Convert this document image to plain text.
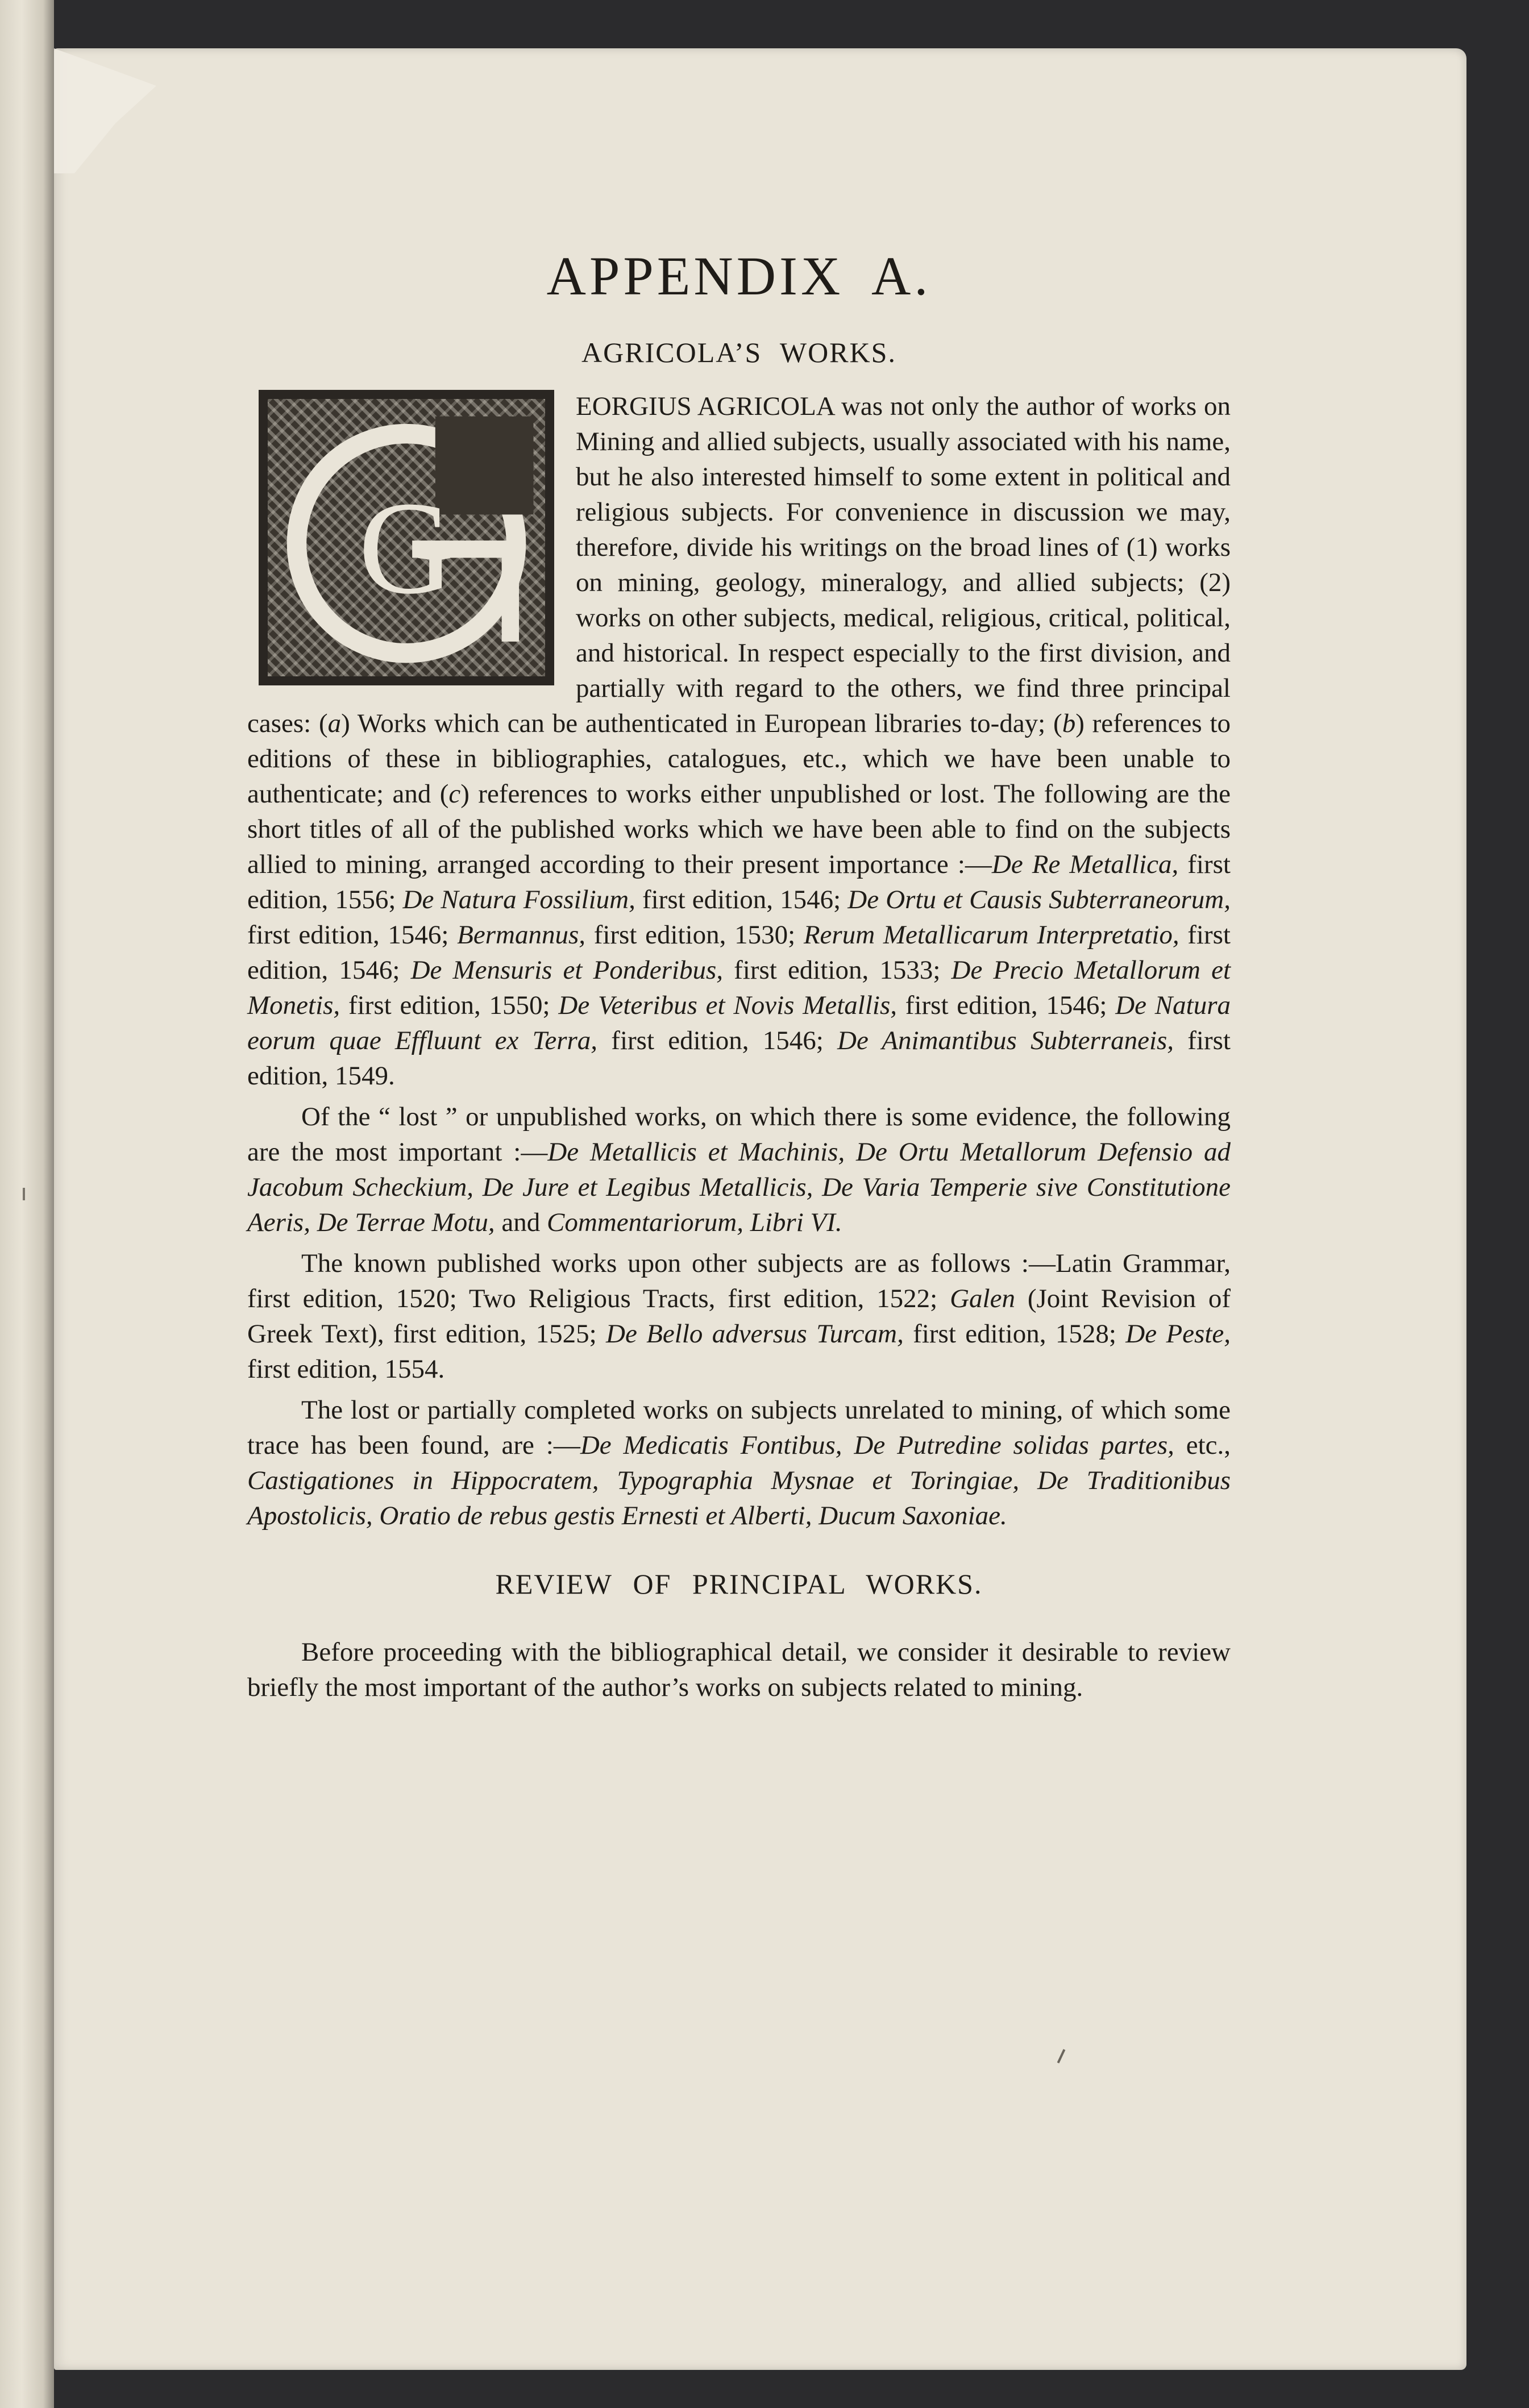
APPENDIX A.
AGRICOLA’S WORKS.

G
EORGIUS AGRICOLA was not only the author of works on Mining and allied subjects, usually associated with his name, but he also interested himself to some extent in political and religious subjects. For convenience in discussion we may, therefore, divide his writings on the broad lines of (1) works on mining, geology, mineralogy, and allied subjects; (2) works on other subjects, medical, religious, critical, political, and historical. In respect especially to the first division, and partially with regard to the others, we find three principal cases: (a) Works which can be authenticated in European libraries to-day; (b) references to editions of these in bibliographies, catalogues, etc., which we have been unable to authenticate; and (c) references to works either unpublished or lost. The following are the short titles of all of the published works which we have been able to find on the subjects allied to mining, arranged according to their present importance :—De Re Metallica, first edition, 1556; De Natura Fossilium, first edition, 1546; De Ortu et Causis Subterraneorum, first edition, 1546; Bermannus, first edition, 1530; Rerum Metallicarum Interpretatio, first edition, 1546; De Mensuris et Ponderibus, first edition, 1533; De Precio Metallorum et Monetis, first edition, 1550; De Veteribus et Novis Metallis, first edition, 1546; De Natura eorum quae Effluunt ex Terra, first edition, 1546; De Animantibus Subterraneis, first edition, 1549.

Of the “ lost ” or unpublished works, on which there is some evidence, the following are the most important :—De Metallicis et Machinis, De Ortu Metallorum Defensio ad Jacobum Scheckium, De Jure et Legibus Metallicis, De Varia Temperie sive Constitutione Aeris, De Terrae Motu, and Commentariorum, Libri VI.

The known published works upon other subjects are as follows :—Latin Grammar, first edition, 1520; Two Religious Tracts, first edition, 1522; Galen (Joint Revision of Greek Text), first edition, 1525; De Bello adversus Turcam, first edition, 1528; De Peste, first edition, 1554.

The lost or partially completed works on subjects unrelated to mining, of which some trace has been found, are :—De Medicatis Fontibus, De Putredine solidas partes, etc., Castigationes in Hippocratem, Typographia Mysnae et Toringiae, De Traditionibus Apostolicis, Oratio de rebus gestis Ernesti et Alberti, Ducum Saxoniae.

REVIEW OF PRINCIPAL WORKS.

Before proceeding with the bibliographical detail, we consider it desirable to review briefly the most important of the author’s works on subjects related to mining.
